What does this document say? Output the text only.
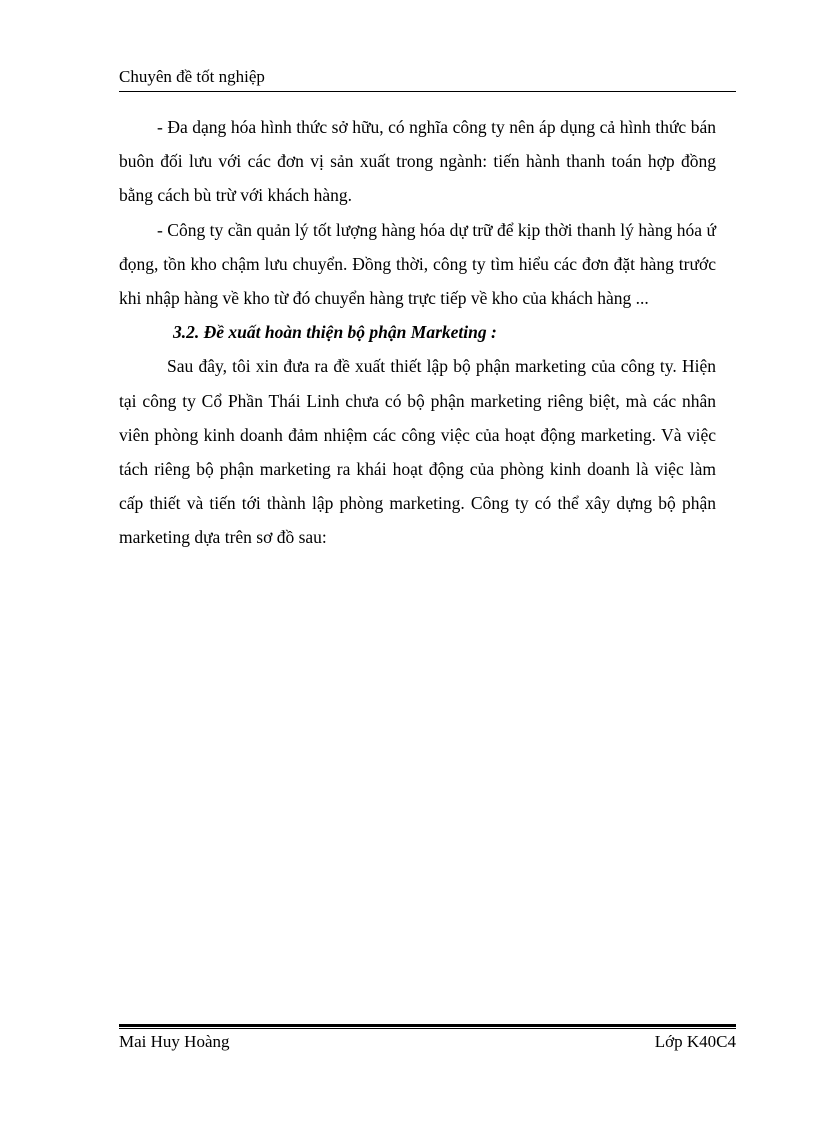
Chuyên đề tốt nghiệp

- Đa dạng hóa hình thức sở hữu, có nghĩa công ty nên áp dụng cả hình thức bán buôn đối lưu với các đơn vị sản xuất trong ngành: tiến hành thanh toán hợp đồng bằng cách bù trừ với khách hàng.

- Công ty cần quản lý tốt lượng hàng hóa dự trữ để kịp thời thanh lý hàng hóa ứ đọng, tồn kho chậm lưu chuyển. Đồng thời, công ty tìm hiểu các đơn đặt hàng trước khi nhập hàng về kho từ đó chuyển hàng trực tiếp về kho của khách hàng ...

3.2. Đề xuất hoàn thiện bộ phận Marketing :

Sau đây, tôi xin đưa ra đề xuất thiết lập bộ phận marketing của công ty. Hiện tại công ty Cổ Phần Thái Linh chưa có bộ phận marketing riêng biệt, mà các nhân viên phòng kinh doanh đảm nhiệm các công việc của hoạt động marketing. Và việc tách riêng bộ phận marketing ra khái hoạt động của phòng kinh doanh là việc làm cấp thiết và tiến tới thành lập phòng marketing. Công ty có thể xây dựng bộ phận marketing dựa trên sơ đồ sau:

Mai Huy Hoàng	Lớp K40C4
